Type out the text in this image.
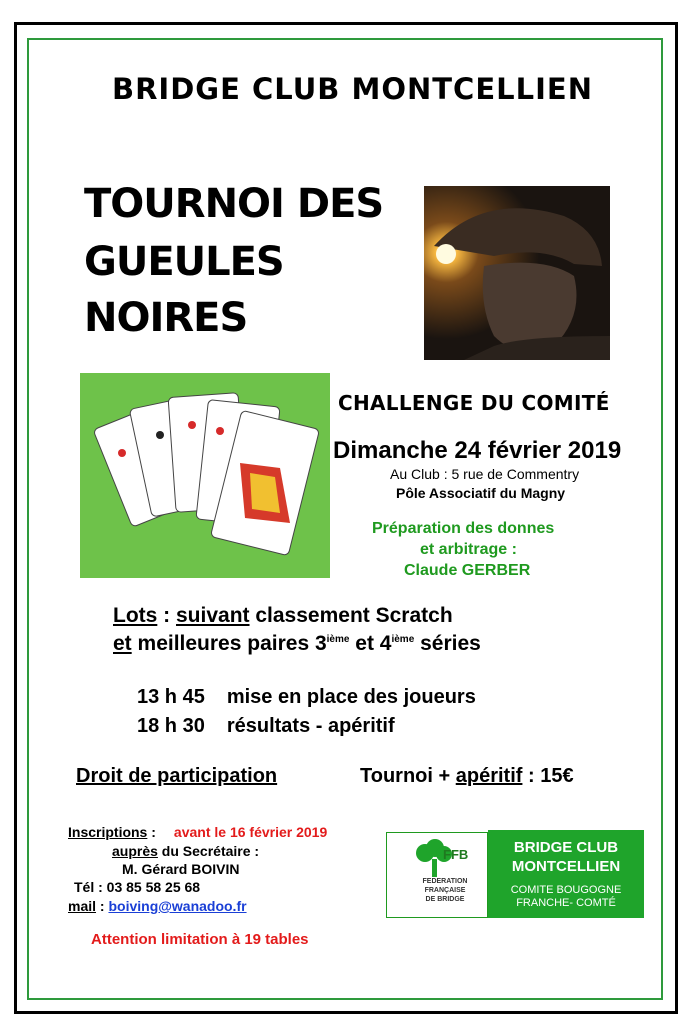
BRIDGE CLUB MONTCELLIEN
TOURNOI DES
GUEULES
NOIRES
CHALLENGE DU COMITÉ
Dimanche 24 février 2019
Au Club : 5 rue de Commentry
Pôle Associatif du Magny
Préparation des donnes
et arbitrage :
Claude GERBER
Lots : suivant classement Scratch
et meilleures paires 3ième et 4ième séries
13 h 45 mise en place des joueurs
18 h 30 résultats - apéritif
Droit de participation	Tournoi + apéritif : 15€
Inscriptions : avant le 16 février 2019
auprès du Secrétaire :
M. Gérard BOIVIN
Tél : 03 85 58 25 68
mail : boiving@wanadoo.fr
Attention limitation à 19 tables
FFB
FEDERATION
FRANÇAISE
DE BRIDGE
BRIDGE CLUB
MONTCELLIEN
COMITE BOUGOGNE
FRANCHE- COMTÉ
